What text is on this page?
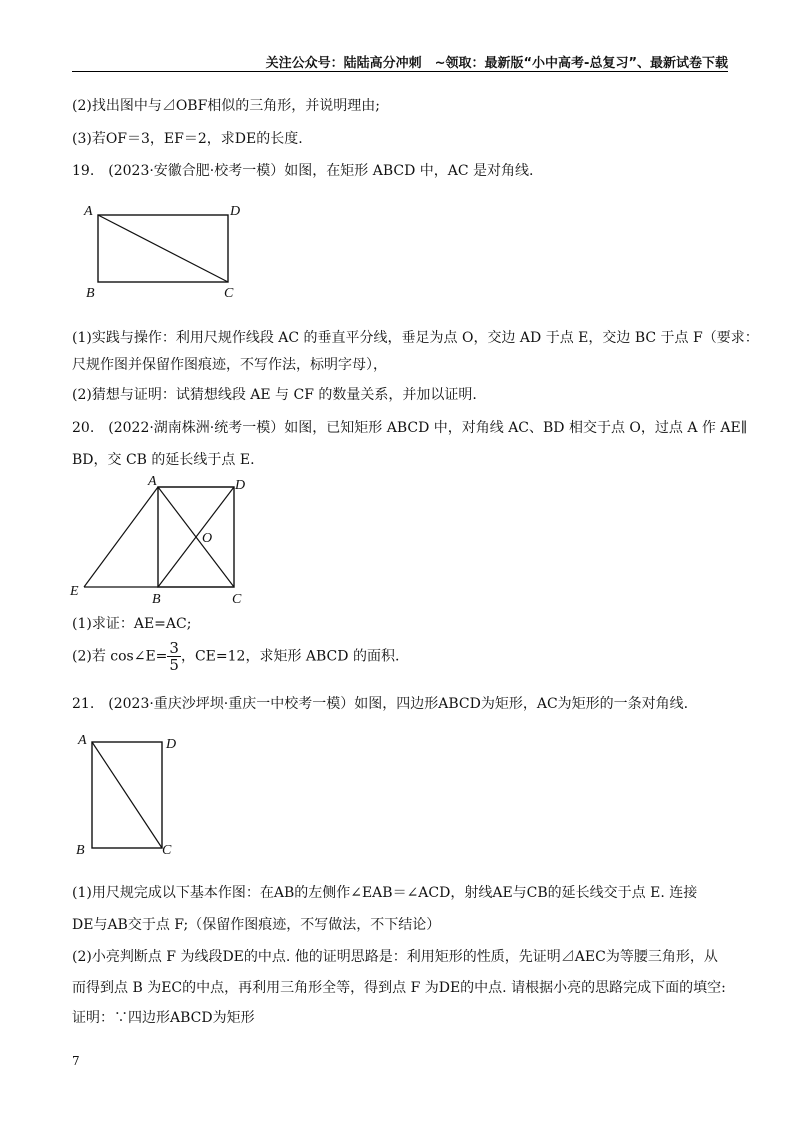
关注公众号：陆陆高分冲刺　~领取：最新版“小中高考-总复习”、最新试卷下载
(2)找出图中与⊿OBF相似的三角形，并说明理由;
(3)若OF＝3，EF＝2，求DE的长度.
19.　(2023·安徽合肥·校考一模）如图，在矩形 ABCD 中，AC 是对角线.
A	D
B	C
(1)实践与操作：利用尺规作线段 AC 的垂直平分线，垂足为点 O，交边 AD 于点 E，交边 BC 于点 F（要求：
尺规作图并保留作图痕迹，不写作法，标明字母），
(2)猜想与证明：试猜想线段 AE 与 CF 的数量关系，并加以证明.
20.　(2022·湖南株洲·统考一模）如图，已知矩形 ABCD 中，对角线 AC、BD 相交于点 O，过点 A 作 AE∥
BD，交 CB 的延长线于点 E.
A	D
O
E
B	C
(1)求证：AE=AC;
(2)若 cos∠E= $\frac{3}{5}$ ，CE=12，求矩形 ABCD 的面积.
21.　(2023·重庆沙坪坝·重庆一中校考一模）如图，四边形ABCD为矩形，AC为矩形的一条对角线.
A	D
B	C
(1)用尺规完成以下基本作图：在AB的左侧作∠EAB＝∠ACD，射线AE与CB的延长线交于点 E. 连接
DE与AB交于点 F;（保留作图痕迹，不写做法，不下结论）
(2)小亮判断点 F 为线段DE的中点. 他的证明思路是：利用矩形的性质，先证明⊿AEC为等腰三角形，从
而得到点 B 为EC的中点，再利用三角形全等，得到点 F 为DE的中点. 请根据小亮的思路完成下面的填空:
证明：∵四边形ABCD为矩形
7
